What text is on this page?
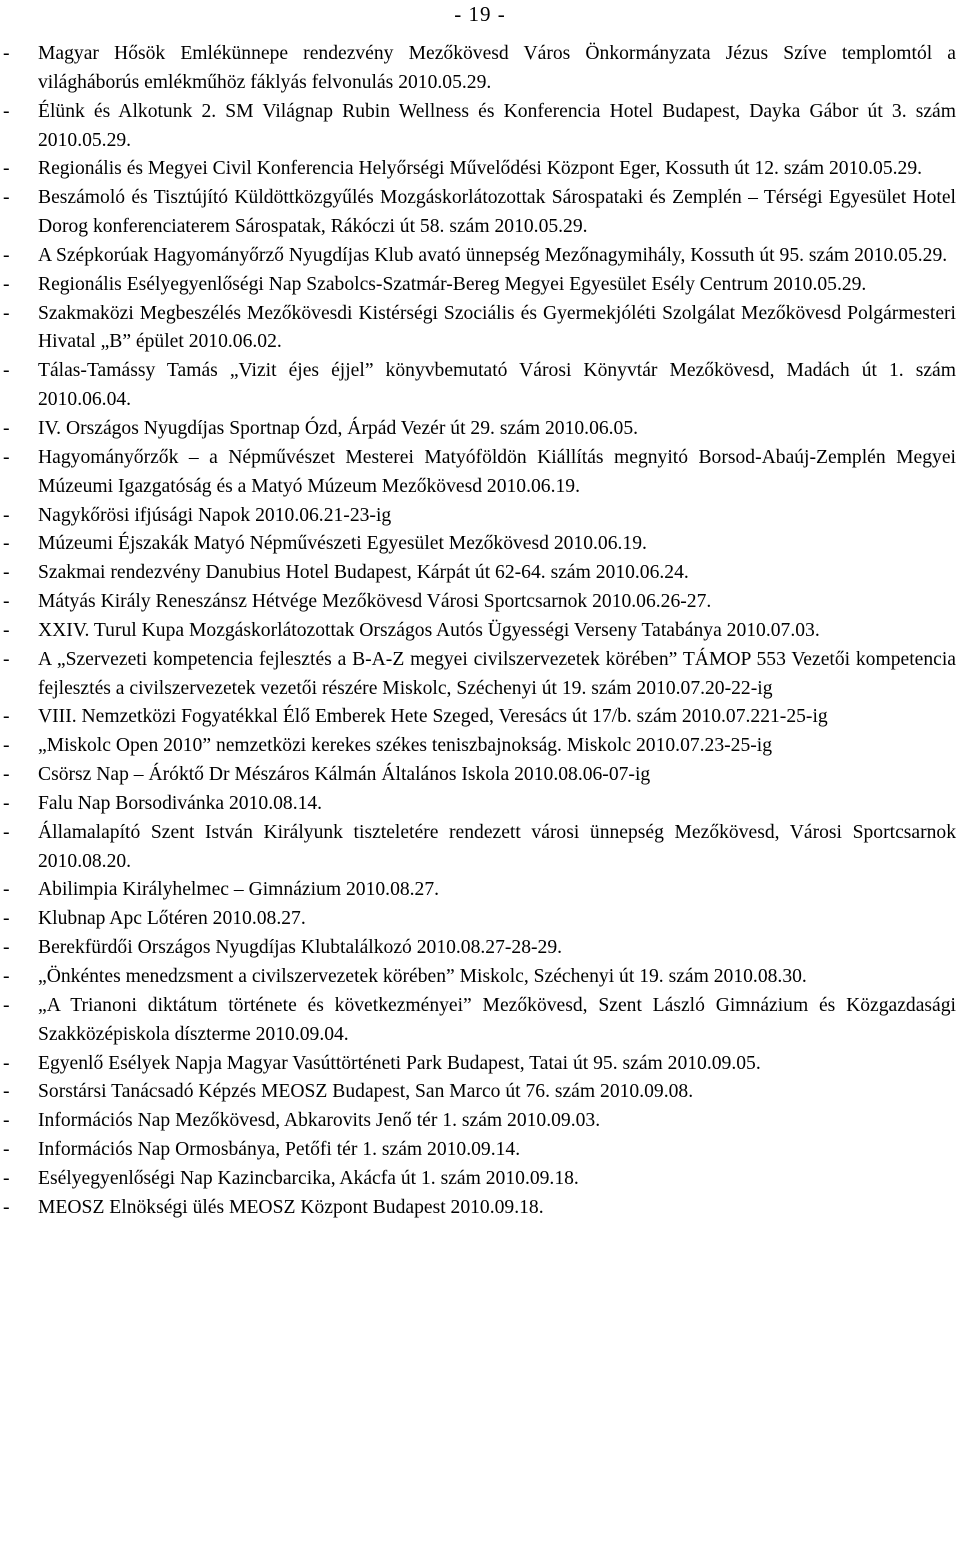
- 19 -
- Magyar Hősök Emlékünnepe rendezvény Mezőkövesd Város Önkormányzata Jézus Szíve templomtól a világháborús emlékműhöz fáklyás felvonulás 2010.05.29.
- Élünk és Alkotunk 2. SM Világnap Rubin Wellness és Konferencia Hotel Budapest, Dayka Gábor út 3. szám 2010.05.29.
- Regionális és Megyei Civil Konferencia Helyőrségi Művelődési Központ Eger, Kossuth út 12. szám 2010.05.29.
- Beszámoló és Tisztújító Küldöttközgyűlés Mozgáskorlátozottak Sárospataki és Zemplén – Térségi Egyesület Hotel Dorog konferenciaterem Sárospatak, Rákóczi út 58. szám 2010.05.29.
- A Szépkorúak Hagyományőrző Nyugdíjas Klub avató ünnepség Mezőnagymihály, Kossuth út 95. szám 2010.05.29.
- Regionális Esélyegyenlőségi Nap Szabolcs-Szatmár-Bereg Megyei Egyesület Esély Centrum 2010.05.29.
- Szakmaközi Megbeszélés Mezőkövesdi Kistérségi Szociális és Gyermekjóléti Szolgálat Mezőkövesd Polgármesteri Hivatal „B” épület 2010.06.02.
- Tálas-Tamássy Tamás „Vizit éjes éjjel” könyvbemutató Városi Könyvtár Mezőkövesd, Madách út 1. szám 2010.06.04.
- IV. Országos Nyugdíjas Sportnap Ózd, Árpád Vezér út 29. szám 2010.06.05.
- Hagyományőrzők – a Népművészet Mesterei Matyóföldön Kiállítás megnyitó Borsod-Abaúj-Zemplén Megyei Múzeumi Igazgatóság és a Matyó Múzeum Mezőkövesd 2010.06.19.
- Nagykőrösi ifjúsági Napok 2010.06.21-23-ig
- Múzeumi Éjszakák Matyó Népművészeti Egyesület Mezőkövesd 2010.06.19.
- Szakmai rendezvény Danubius Hotel Budapest, Kárpát út 62-64. szám 2010.06.24.
- Mátyás Király Reneszánsz Hétvége Mezőkövesd Városi Sportcsarnok 2010.06.26-27.
- XXIV. Turul Kupa Mozgáskorlátozottak Országos Autós Ügyességi Verseny Tatabánya 2010.07.03.
- A „Szervezeti kompetencia fejlesztés a B-A-Z megyei civilszervezetek körében” TÁMOP 553 Vezetői kompetencia fejlesztés a civilszervezetek vezetői részére Miskolc, Széchenyi út 19. szám 2010.07.20-22-ig
- VIII. Nemzetközi Fogyatékkal Élő Emberek Hete Szeged, Veresács út 17/b. szám 2010.07.221-25-ig
- „Miskolc Open 2010” nemzetközi kerekes székes teniszbajnokság. Miskolc 2010.07.23-25-ig
- Csörsz Nap – Áróktő Dr Mészáros Kálmán Általános Iskola 2010.08.06-07-ig
- Falu Nap Borsodivánka 2010.08.14.
- Államalapító Szent István Királyunk tiszteletére rendezett városi ünnepség Mezőkövesd, Városi Sportcsarnok 2010.08.20.
- Abilimpia Királyhelmec – Gimnázium 2010.08.27.
- Klubnap Apc Lőtéren 2010.08.27.
- Berekfürdői Országos Nyugdíjas Klubtalálkozó 2010.08.27-28-29.
- „Önkéntes menedzsment a civilszervezetek körében” Miskolc, Széchenyi út 19. szám 2010.08.30.
- „A Trianoni diktátum története és következményei” Mezőkövesd, Szent László Gimnázium és Közgazdasági Szakközépiskola díszterme 2010.09.04.
- Egyenlő Esélyek Napja Magyar Vasúttörténeti Park Budapest, Tatai út 95. szám 2010.09.05.
- Sorstársi Tanácsadó Képzés MEOSZ Budapest, San Marco út 76. szám 2010.09.08.
- Információs Nap Mezőkövesd, Abkarovits Jenő tér 1. szám 2010.09.03.
- Információs Nap Ormosbánya, Petőfi tér 1. szám 2010.09.14.
- Esélyegyenlőségi Nap Kazincbarcika, Akácfa út 1. szám 2010.09.18.
- MEOSZ Elnökségi ülés MEOSZ Központ Budapest 2010.09.18.
